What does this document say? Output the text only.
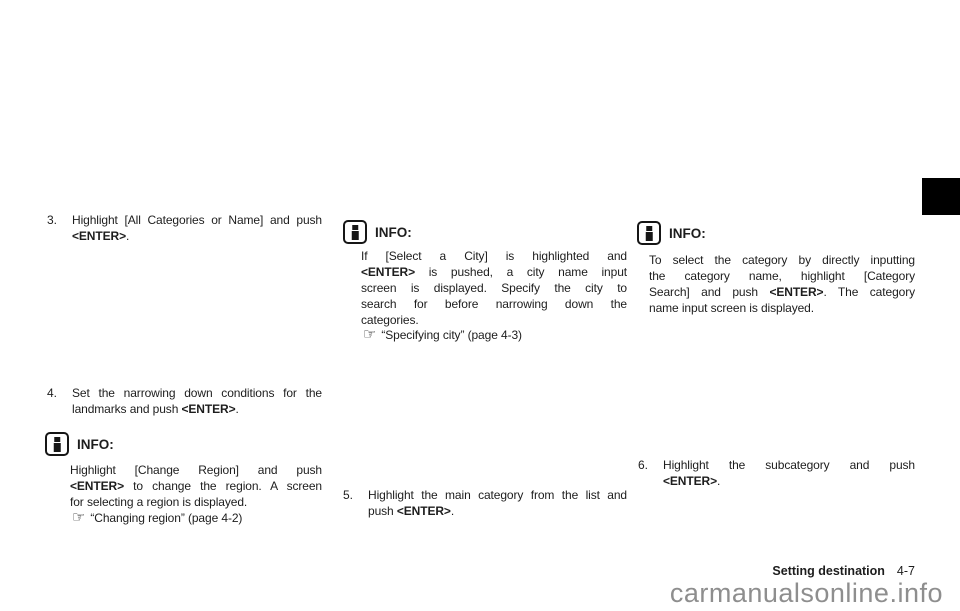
3. Highlight [All Categories or Name] and push
<ENTER>.
4. Set the narrowing down conditions for the
landmarks and push <ENTER>.
INFO:
Highlight [Change Region] and push
<ENTER> to change the region. A screen
for selecting a region is displayed.
☞ “Changing region” (page 4-2)
INFO:
If [Select a City] is highlighted and
<ENTER> is pushed, a city name input
screen is displayed. Specify the city to
search for before narrowing down the
categories.
☞ “Specifying city” (page 4-3)
5. Highlight the main category from the list and
push <ENTER>.
INFO:
To select the category by directly inputting
the category name, highlight [Category
Search] and push <ENTER>. The category
name input screen is displayed.
6. Highlight the subcategory and push
<ENTER>.
Setting destination 4-7
carmanualsonline.info
